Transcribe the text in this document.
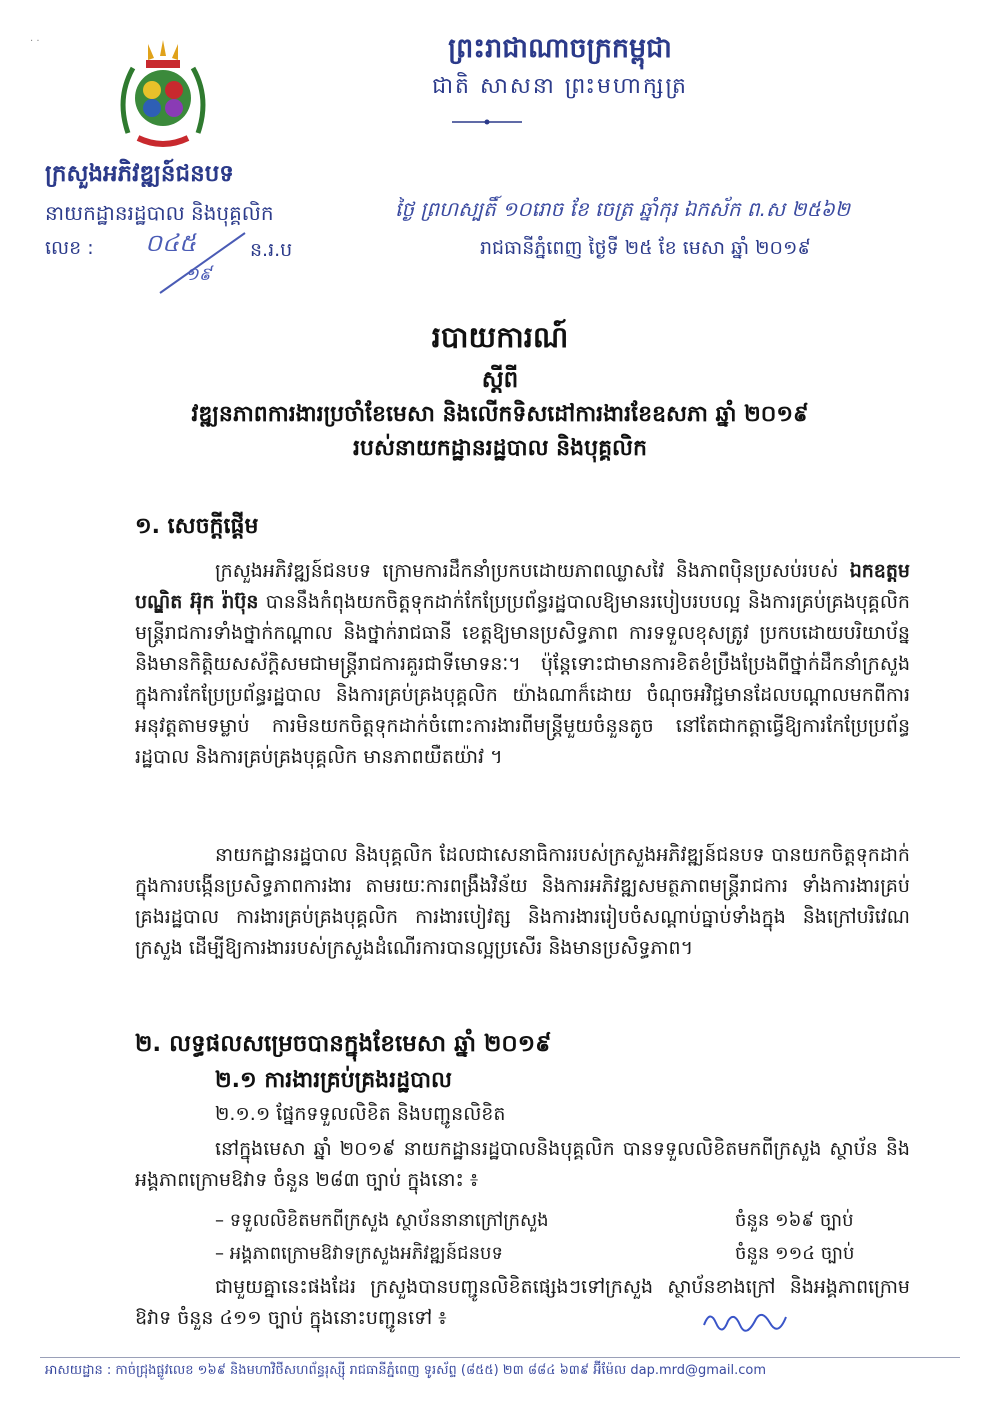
· ·	ព្រះរាជាណាចក្រកម្ពុជា
ជាតិ សាសនា ព្រះមហាក្សត្រ
ក្រសួងអភិវឌ្ឍន៍ជនបទ
នាយកដ្ឋានរដ្ឋបាល និងបុគ្គលិក
លេខ : ០៤៥
១៩
ន.រ.ប
ថ្ងៃ ព្រហស្បតិ៍ ១០រោច ខែ ចេត្រ ឆ្នាំកុរ ឯកស័ក ព.ស ២៥៦២
រាជធានីភ្នំពេញ ថ្ងៃទី ២៥ ខែ មេសា ឆ្នាំ ២០១៩
របាយការណ៍
ស្តីពី
វឌ្ឍនភាពការងារប្រចាំខែមេសា និងលើកទិសដៅការងារខែឧសភា ឆ្នាំ ២០១៩
របស់នាយកដ្ឋានរដ្ឋបាល និងបុគ្គលិក
១. សេចក្តីផ្តើម
ក្រសួងអភិវឌ្ឍន៍ជនបទ ក្រោមការដឹកនាំប្រកបដោយភាពឈ្លាសវៃ និងភាពប៉ិនប្រសប់របស់ ឯកឧត្តមបណ្ឌិត អ៊ុក រ៉ាប៊ុន បាននឹងកំពុងយកចិត្តទុកដាក់កែប្រែប្រព័ន្ធរដ្ឋបាលឱ្យមានរបៀបរបបល្អ និងការគ្រប់គ្រងបុគ្គលិកមន្ត្រីរាជការទាំងថ្នាក់កណ្តាល និងថ្នាក់រាជធានី ខេត្តឱ្យមានប្រសិទ្ធភាព ការទទួលខុសត្រូវ ប្រកបដោយបរិយាប័ន្ន និងមានកិត្តិយសស័ក្តិសមជាមន្ត្រីរាជការគួរជាទីមោទនៈ។ ប៉ុន្តែទោះជាមានការខិតខំប្រឹងប្រែងពីថ្នាក់ដឹកនាំក្រសួងក្នុងការកែប្រែប្រព័ន្ធរដ្ឋបាល និងការគ្រប់គ្រងបុគ្គលិក យ៉ាងណាក៏ដោយ ចំណុចអវិជ្ជមានដែលបណ្តាលមកពីការអនុវត្តតាមទម្លាប់ ការមិនយកចិត្តទុកដាក់ចំពោះការងារពីមន្ត្រីមួយចំនួនតូច នៅតែជាកត្តាធ្វើឱ្យការកែប្រែប្រព័ន្ធរដ្ឋបាល និងការគ្រប់គ្រងបុគ្គលិក មានភាពយឺតយ៉ាវ ។
នាយកដ្ឋានរដ្ឋបាល និងបុគ្គលិក ដែលជាសេនាធិការរបស់ក្រសួងអភិវឌ្ឍន៍ជនបទ បានយកចិត្តទុកដាក់ក្នុងការបង្កើនប្រសិទ្ធភាពការងារ តាមរយៈការពង្រឹងវិន័យ និងការអភិវឌ្ឍសមត្ថភាពមន្ត្រីរាជការ ទាំងការងារគ្រប់គ្រងរដ្ឋបាល ការងារគ្រប់គ្រងបុគ្គលិក ការងារបៀវត្ស និងការងាររៀបចំសណ្តាប់ធ្នាប់ទាំងក្នុង និងក្រៅបរិវេណក្រសួង ដើម្បីឱ្យការងាររបស់ក្រសួងដំណើរការបានល្អប្រសើរ និងមានប្រសិទ្ធភាព។
២. លទ្ធផលសម្រេចបានក្នុងខែមេសា ឆ្នាំ ២០១៩
២.១ ការងារគ្រប់គ្រងរដ្ឋបាល
២.១.១ ផ្នែកទទួលលិខិត និងបញ្ជូនលិខិត
នៅក្នុងមេសា ឆ្នាំ ២០១៩ នាយកដ្ឋានរដ្ឋបាលនិងបុគ្គលិក បានទទួលលិខិតមកពីក្រសួង ស្ថាប័ន និងអង្គភាពក្រោមឱវាទ ចំនួន ២៨៣ ច្បាប់ ក្នុងនោះ ៖
– ទទួលលិខិតមកពីក្រសួង ស្ថាប័ននានាក្រៅក្រសួង	ចំនួន ១៦៩ ច្បាប់
– អង្គភាពក្រោមឱវាទក្រសួងអភិវឌ្ឍន៍ជនបទ	ចំនួន ១១៤ ច្បាប់
ជាមួយគ្នានេះផងដែរ ក្រសួងបានបញ្ជូនលិខិតផ្សេងៗទៅក្រសួង ស្ថាប័នខាងក្រៅ និងអង្គភាពក្រោមឱវាទ ចំនួន ៤១១ ច្បាប់ ក្នុងនោះបញ្ជូនទៅ ៖
អាសយដ្ឋាន : កាច់ជ្រុងផ្លូវលេខ ១៦៩ និងមហាវិថីសហព័ន្ធរុស្ស៊ី រាជធានីភ្នំពេញ ទូរស័ព្ទ (៨៥៥) ២៣ ៨៨៤ ៦៣៩ អ៊ីម៉ែល dap.mrd@gmail.com
